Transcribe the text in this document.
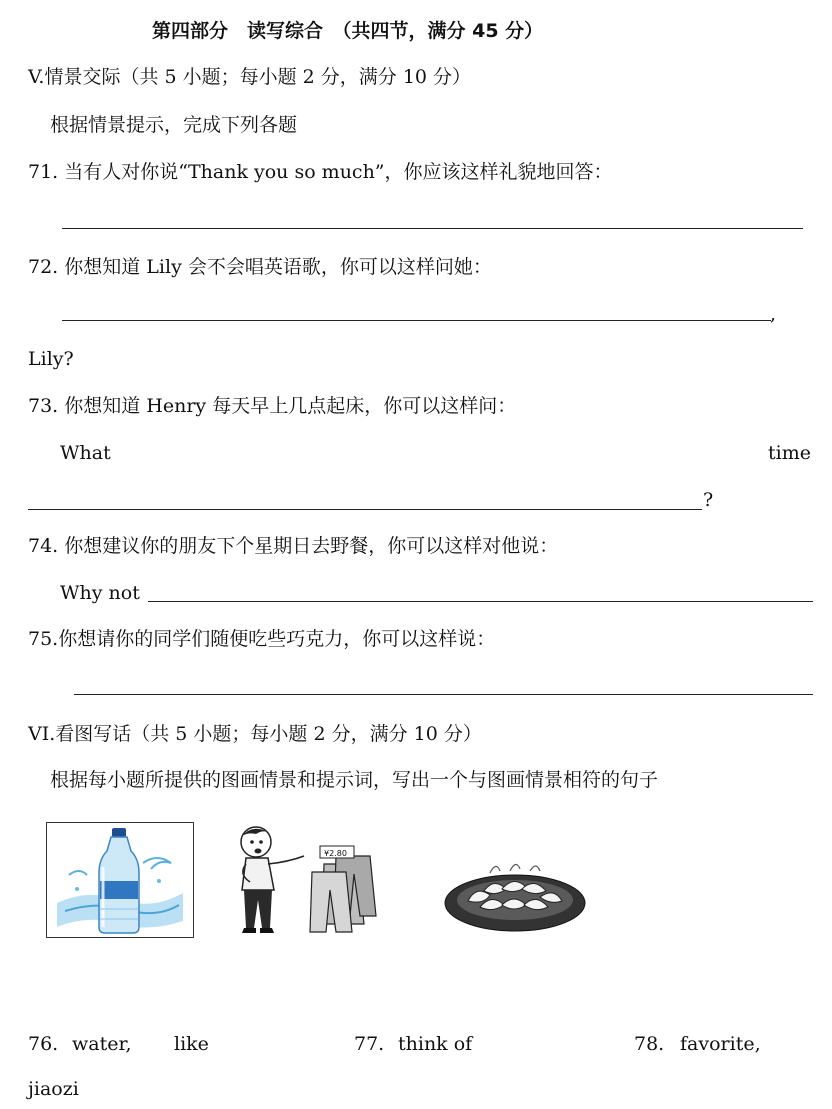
第四部分　读写综合　（共四节，满分 45 分）
V.情景交际（共 5 小题；每小题 2 分，满分 10 分）
根据情景提示，完成下列各题
71. 当有人对你说“Thank you so much”，你应该这样礼貌地回答：
72. 你想知道 Lily 会不会唱英语歌，你可以这样问她：
,
Lily?
73. 你想知道 Henry 每天早上几点起床，你可以这样问：
What	time
?
74. 你想建议你的朋友下个星期日去野餐，你可以这样对他说：
Why not
75.你想请你的同学们随便吃些巧克力，你可以这样说：
VI.看图写话（共 5 小题；每小题 2 分，满分 10 分）
根据每小题所提供的图画情景和提示词，写出一个与图画情景相符的句子
¥2.80
76. water, like	77. think of	78. favorite,
jiaozi
